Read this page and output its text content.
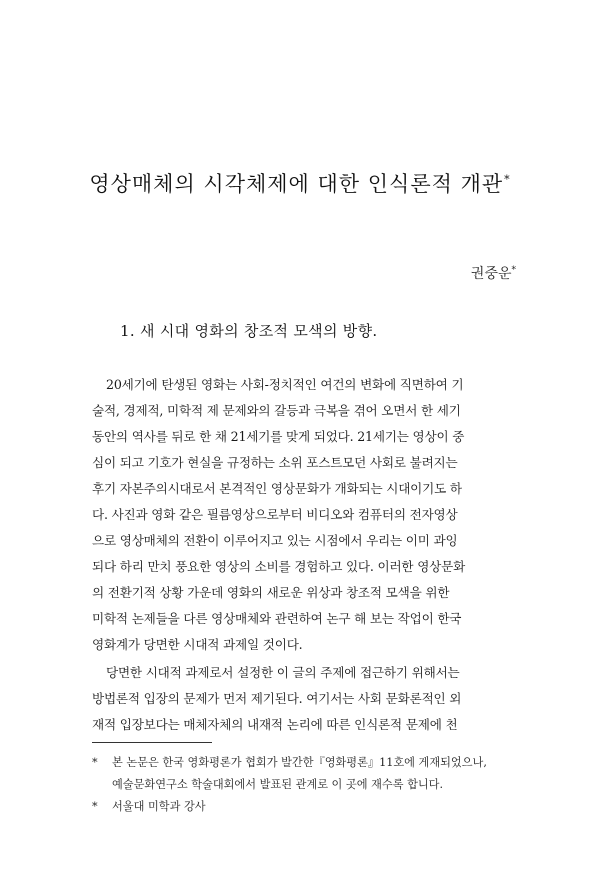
영상매체의 시각체제에 대한 인식론적 개관*
권중운*
1. 새 시대 영화의 창조적 모색의 방향.
20세기에 탄생된 영화는 사회-정치적인 여건의 변화에 직면하여 기
술적, 경제적, 미학적 제 문제와의 갈등과 극복을 겪어 오면서 한 세기
동안의 역사를 뒤로 한 채 21세기를 맞게 되었다. 21세기는 영상이 중
심이 되고 기호가 현실을 규정하는 소위 포스트모던 사회로 불려지는
후기 자본주의시대로서 본격적인 영상문화가 개화되는 시대이기도 하
다. 사진과 영화 같은 필름영상으로부터 비디오와 컴퓨터의 전자영상
으로 영상매체의 전환이 이루어지고 있는 시점에서 우리는 이미 과잉
되다 하리 만치 풍요한 영상의 소비를 경험하고 있다. 이러한 영상문화
의 전환기적 상황 가운데 영화의 새로운 위상과 창조적 모색을 위한
미학적 논제들을 다른 영상매체와 관련하여 논구 해 보는 작업이 한국
영화계가 당면한 시대적 과제일 것이다.
당면한 시대적 과제로서 설정한 이 글의 주제에 접근하기 위해서는
방법론적 입장의 문제가 먼저 제기된다. 여기서는 사회 문화론적인 외
재적 입장보다는 매체자체의 내재적 논리에 따른 인식론적 문제에 천
*	본 논문은 한국 영화평론가 협회가 발간한『영화평론』11호에 게재되었으나,
예술문화연구소 학술대회에서 발표된 관계로 이 곳에 재수록 합니다.
*	서울대 미학과 강사
